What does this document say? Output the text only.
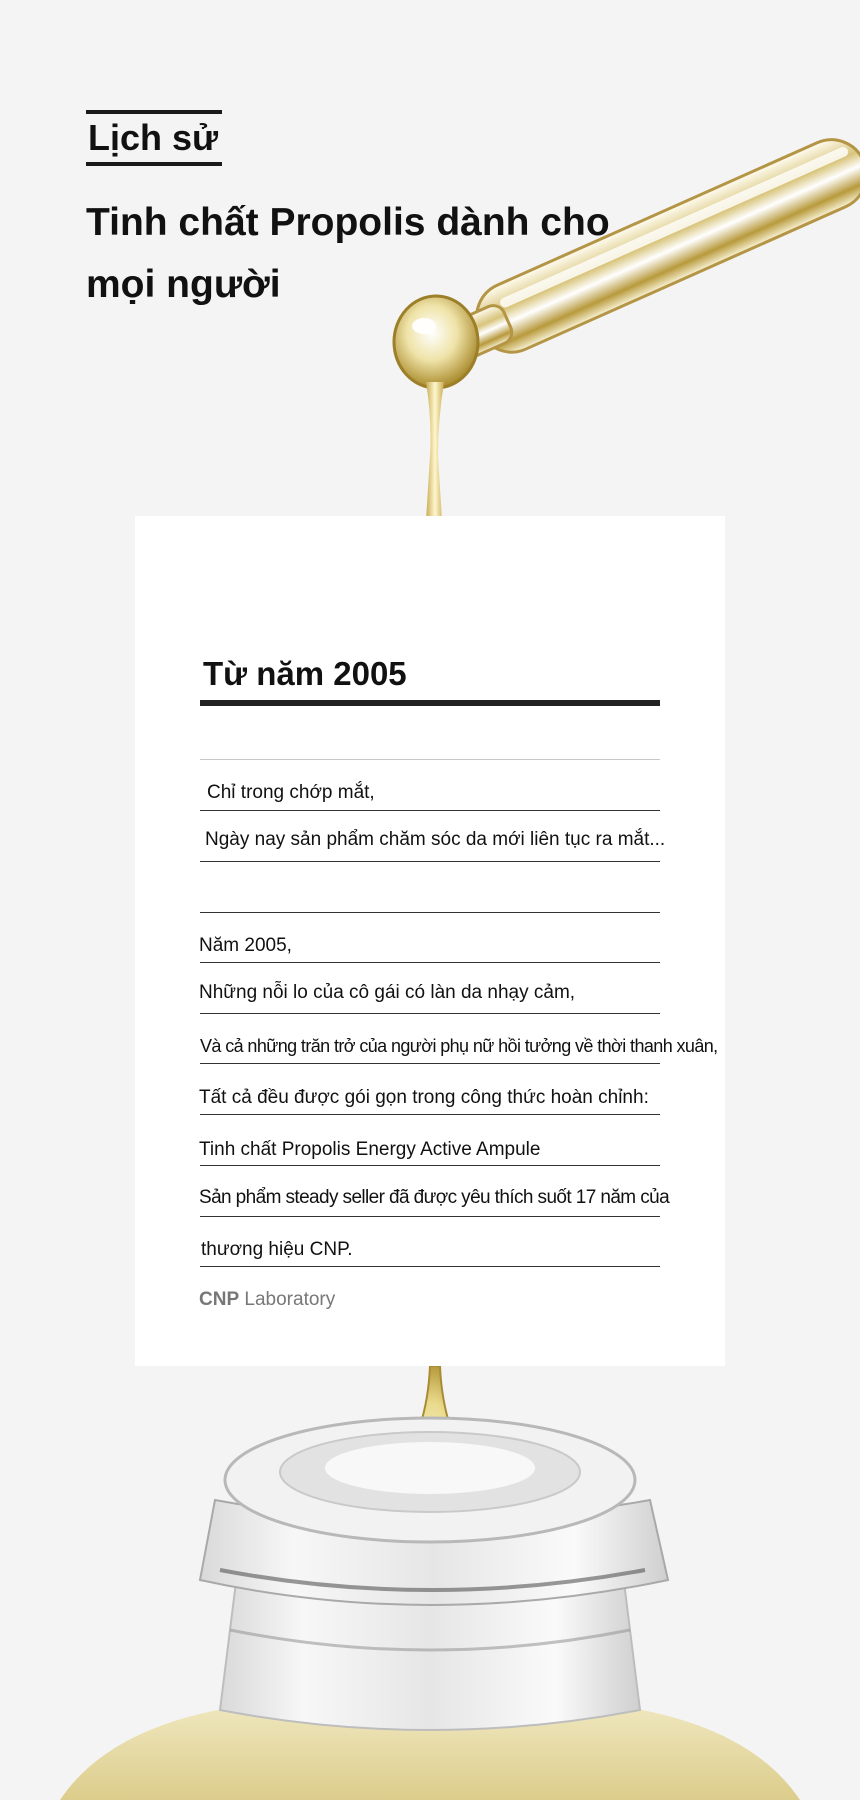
Lịch sử
Tinh chất Propolis dành cho mọi người
Từ năm 2005
Chỉ trong chớp mắt,
Ngày nay sản phẩm chăm sóc da mới liên tục ra mắt...
Năm 2005,
Những nỗi lo của cô gái có làn da nhạy cảm,
Và cả những trăn trở của người phụ nữ hồi tưởng về thời thanh xuân,
Tất cả đều được gói gọn trong công thức hoàn chỉnh:
Tinh chất Propolis Energy Active Ampule
Sản phẩm steady seller đã được yêu thích suốt 17 năm của
thương hiệu CNP.
CNP Laboratory
